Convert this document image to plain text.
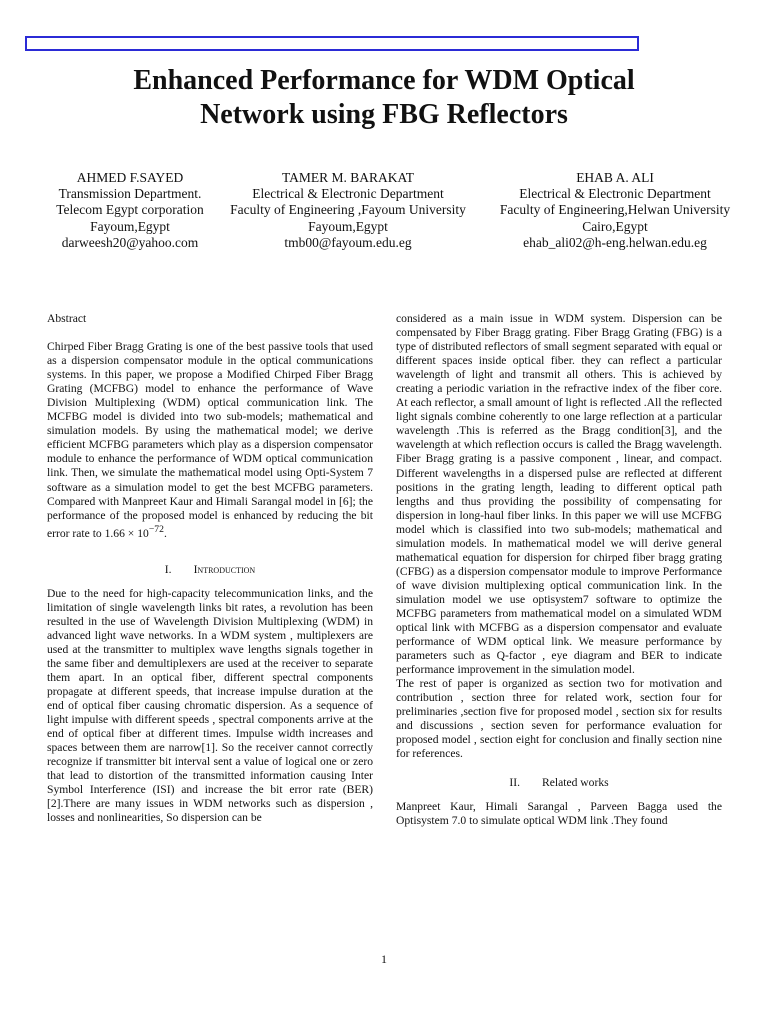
Enhanced Performance for WDM Optical
Network using FBG Reflectors
AHMED F.SAYED
Transmission Department.
Telecom Egypt corporation
Fayoum,Egypt
darweesh20@yahoo.com
TAMER M. BARAKAT
Electrical & Electronic Department
Faculty of Engineering ,Fayoum University
Fayoum,Egypt
tmb00@fayoum.edu.eg
EHAB A. ALI
Electrical & Electronic Department
Faculty of Engineering,Helwan University
Cairo,Egypt
ehab_ali02@h-eng.helwan.edu.eg

Abstract

Chirped Fiber Bragg Grating is one of the best passive tools that used as a dispersion compensator module in the optical communications systems. In this paper, we propose a Modified Chirped Fiber Bragg Grating (MCFBG) model to enhance the performance of Wave Division Multiplexing (WDM) optical communication link. The MCFBG model is divided into two sub-models; mathematical and simulation models. By using the mathematical model; we derive efficient MCFBG parameters which play as a dispersion compensator module to enhance the performance of WDM optical communication link. Then, we simulate the mathematical model using Opti-System 7 software as a simulation model to get the best MCFBG parameters. Compared with Manpreet Kaur and Himali Sarangal model in [6]; the performance of the proposed model is enhanced by reducing the bit error rate to $1.66 \times 10^{-72}$.

I. Introduction

Due to the need for high-capacity telecommunication links, and the limitation of single wavelength links bit rates, a revolution has been resulted in the use of Wavelength Division Multiplexing (WDM) in advanced light wave networks. In a WDM system , multiplexers are used at the transmitter to multiplex wave lengths signals together in the same fiber and demultiplexers are used at the receiver to separate them apart. In an optical fiber, different spectral components propagate at different speeds, that increase impulse duration at the end of optical fiber causing chromatic dispersion. As a sequence of light impulse with different speeds , spectral components arrive at the end of optical fiber at different times. Impulse width increases and spaces between them are narrow[1]. So the receiver cannot correctly recognize if transmitter bit interval sent a value of logical one or zero that lead to distortion of the transmitted information causing Inter Symbol Interference (ISI) and increase the bit error rate (BER)[2].There are many issues in WDM networks such as dispersion , losses and nonlinearities, So dispersion can be

considered as a main issue in WDM system. Dispersion can be compensated by Fiber Bragg grating. Fiber Bragg Grating (FBG) is a type of distributed reflectors of small segment separated with equal or different spaces inside optical fiber. they can reflect a particular wavelength of light and transmit all others. This is achieved by creating a periodic variation in the refractive index of the fiber core. At each reflector, a small amount of light is reflected .All the reflected light signals combine coherently to one large reflection at a particular wavelength .This is referred as the Bragg condition[3], and the wavelength at which reflection occurs is called the Bragg wavelength. Fiber Bragg grating is a passive component , linear, and compact. Different wavelengths in a dispersed pulse are reflected at different positions in the grating length, leading to different optical path lengths and thus providing the possibility of compensating for dispersion in long-haul fiber links. In this paper we will use MCFBG model which is classified into two sub-models; mathematical and simulation models. In mathematical model we will derive general mathematical equation for dispersion for chirped fiber bragg grating (CFBG) as a dispersion compensator module to improve Performance of wave division multiplexing optical communication link. In the simulation model we use optisystem7 software to optimize the MCFBG parameters from mathematical model on a simulated WDM optical link with MCFBG as a dispersion compensator and evaluate performance of WDM optical link. We measure performance by parameters such as Q-factor , eye diagram and BER to indicate performance improvement in the simulation model.

The rest of paper is organized as section two for motivation and contribution , section three for related work, section four for preliminaries ,section five for proposed model , section six for results and discussions , section seven for performance evaluation for proposed model , section eight for conclusion and finally section nine for references.

II. Related works

Manpreet Kaur, Himali Sarangal , Parveen Bagga used the Optisystem 7.0 to simulate optical WDM link .They found

1
